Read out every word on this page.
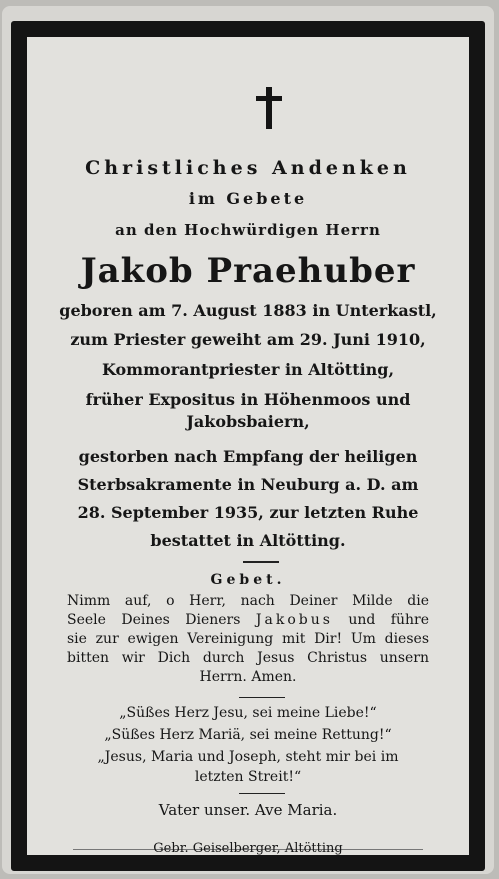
Christliches Andenken
im Gebete
an den Hochwürdigen Herrn
Jakob Praehuber
geboren am 7. August 1883 in Unterkastl,
zum Priester geweiht am 29. Juni 1910,
Kommorantpriester in Altötting,
früher Expositus in Höhenmoos und
Jakobsbaiern,
gestorben nach Empfang der heiligen
Sterbsakramente in Neuburg a. D. am
28. September 1935, zur letzten Ruhe
bestattet in Altötting.
Gebet.
Nimm auf, o Herr, nach Deiner Milde die
Seele Deines Dieners Jakobus und führe
sie zur ewigen Vereinigung mit Dir! Um dieses
bitten wir Dich durch Jesus Christus unsern
Herrn. Amen.
„Süßes Herz Jesu, sei meine Liebe!“
„Süßes Herz Mariä, sei meine Rettung!“
„Jesus, Maria und Joseph, steht mir bei im
letzten Streit!“
Vater unser. Ave Maria.
Gebr. Geiselberger, Altötting
